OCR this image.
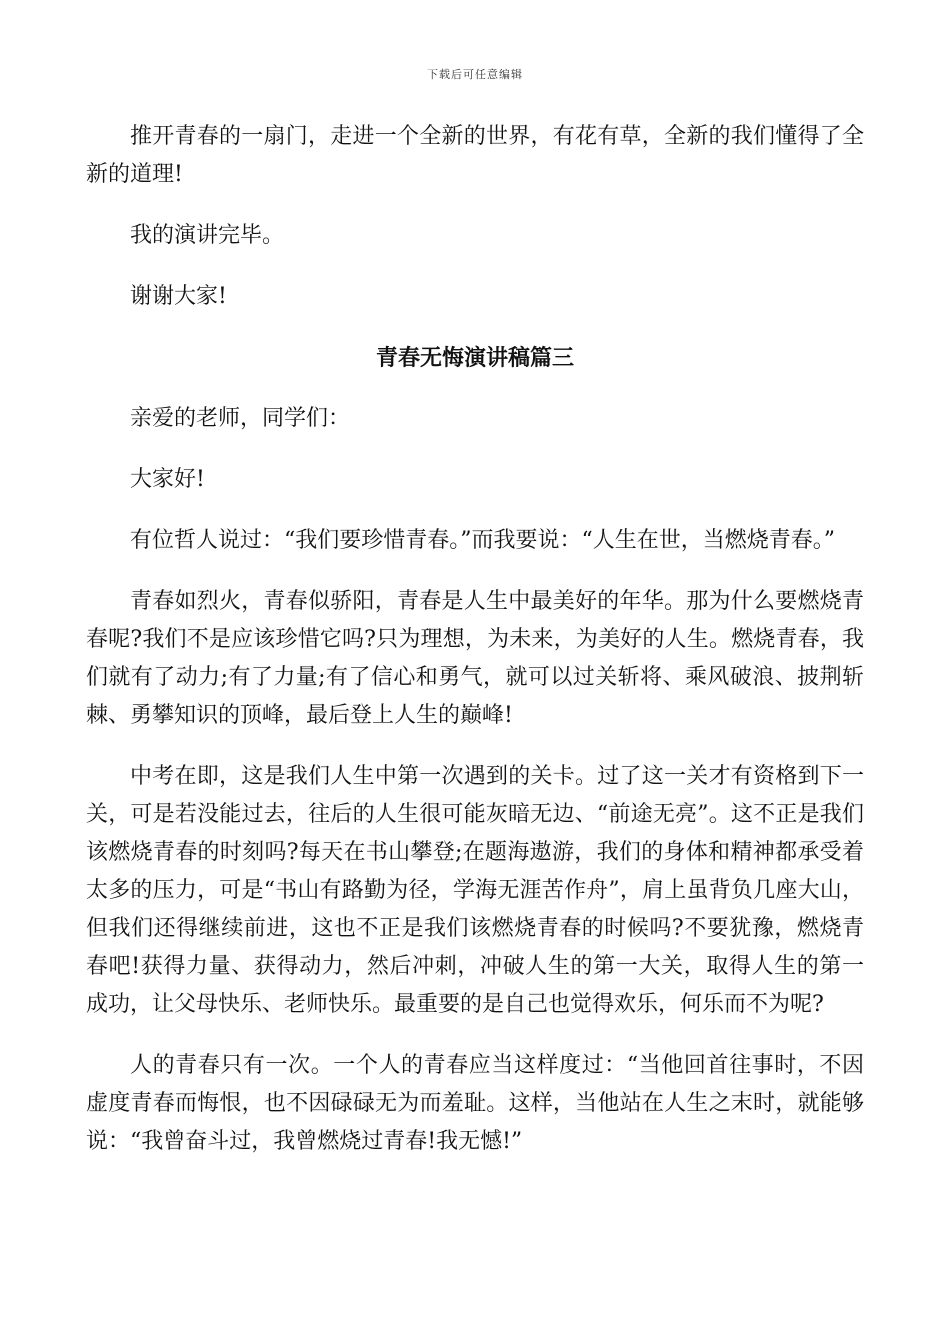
下载后可任意编辑

推开青春的一扇门，走进一个全新的世界，有花有草，全新的我们懂得了全新的道理!

我的演讲完毕。

谢谢大家!

青春无悔演讲稿篇三

亲爱的老师，同学们：

大家好!

有位哲人说过：“我们要珍惜青春。”而我要说：“人生在世，当燃烧青春。”

青春如烈火，青春似骄阳，青春是人生中最美好的年华。那为什么要燃烧青春呢?我们不是应该珍惜它吗?只为理想，为未来，为美好的人生。燃烧青春，我们就有了动力;有了力量;有了信心和勇气，就可以过关斩将、乘风破浪、披荆斩棘、勇攀知识的顶峰，最后登上人生的巅峰!

中考在即，这是我们人生中第一次遇到的关卡。过了这一关才有资格到下一关，可是若没能过去，往后的人生很可能灰暗无边、“前途无亮”。这不正是我们该燃烧青春的时刻吗?每天在书山攀登;在题海遨游，我们的身体和精神都承受着太多的压力，可是“书山有路勤为径，学海无涯苦作舟”，肩上虽背负几座大山，但我们还得继续前进，这也不正是我们该燃烧青春的时候吗?不要犹豫，燃烧青春吧!获得力量、获得动力，然后冲刺，冲破人生的第一大关，取得人生的第一成功，让父母快乐、老师快乐。最重要的是自己也觉得欢乐，何乐而不为呢?

人的青春只有一次。一个人的青春应当这样度过：“当他回首往事时，不因虚度青春而悔恨，也不因碌碌无为而羞耻。这样，当他站在人生之末时，就能够说：“我曾奋斗过，我曾燃烧过青春!我无憾!”
